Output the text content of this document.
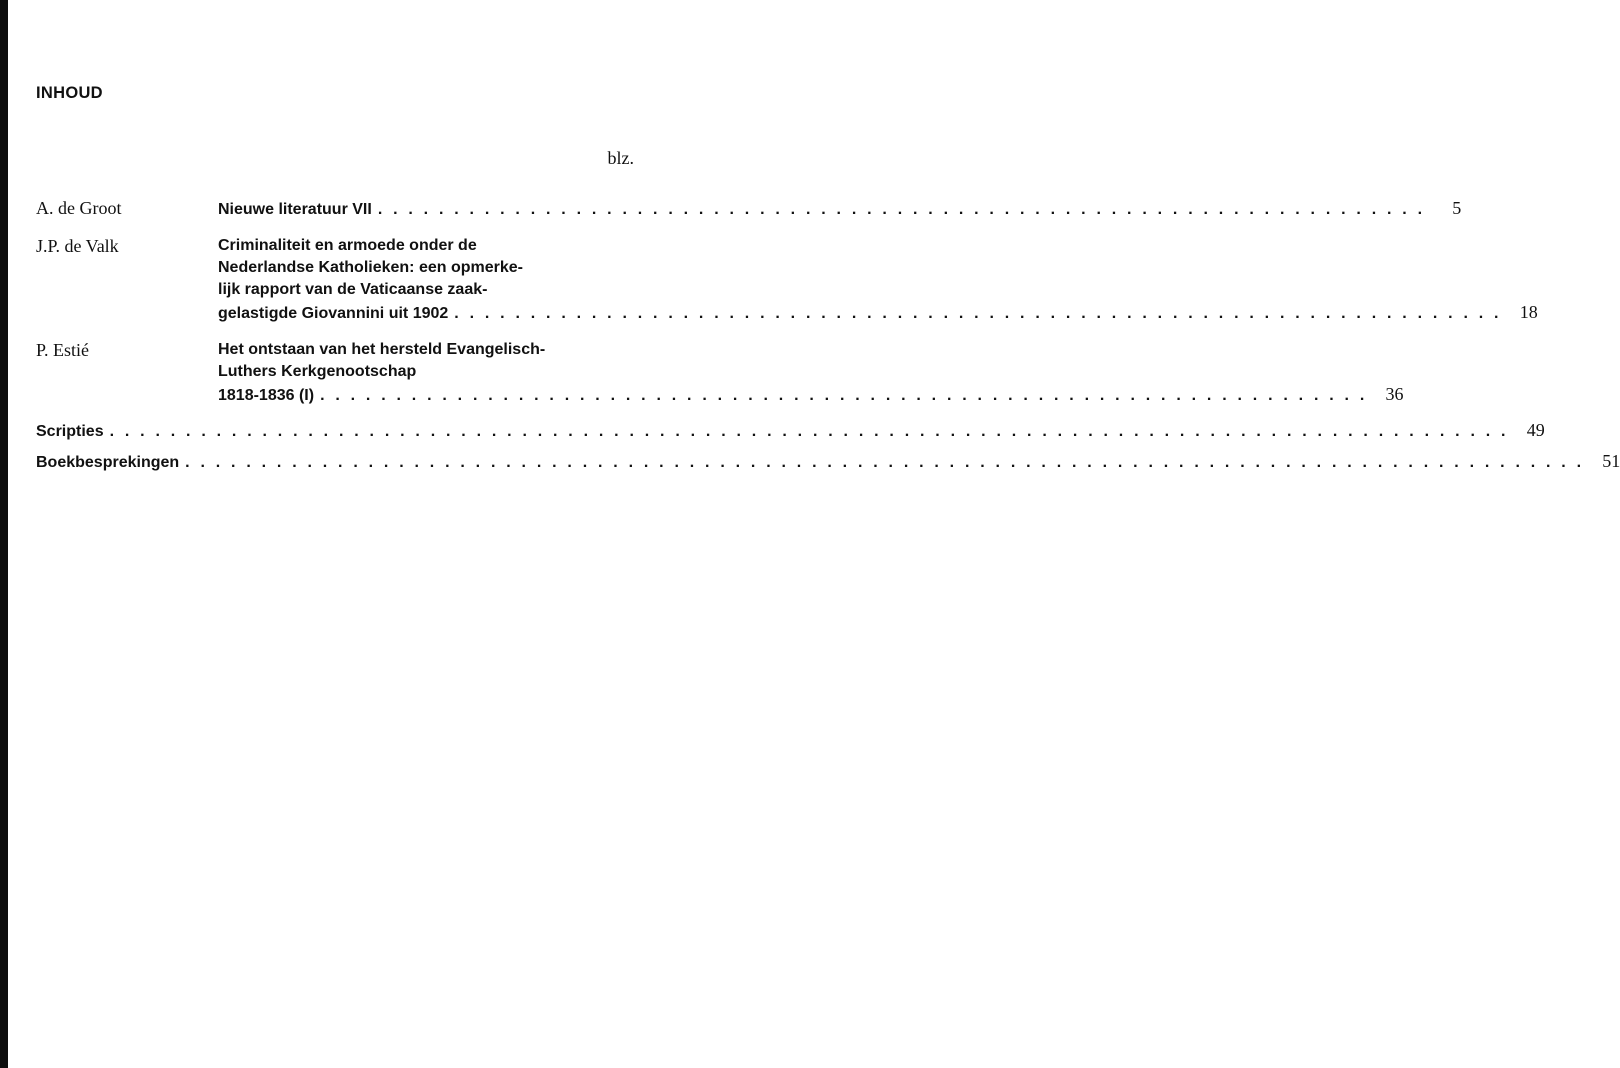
INHOUD
blz.
A. de Groot	Nieuwe literatuur VII . . . . . . . . . . . . . . . . . . . . . . . . . . . . . . . . . . . . . . . . . . . . . . . . . . . . . . . . . . . . . . . . . . . . .	5
J.P. de Valk	Criminaliteit en armoede onder de
Nederlandse Katholieken: een opmerke-
lijk rapport van de Vaticaanse zaak-
gelastigde Giovannini uit 1902 . . . . . . . . . . . . . . . . . . . . . . . . . . . . . . . . . . . . . . . . . . . . . . . . . . . . . . . . . . . . . . . . . . . . .	18
P. Estié	Het ontstaan van het hersteld Evangelisch-
Luthers Kerkgenootschap
1818-1836 (I) . . . . . . . . . . . . . . . . . . . . . . . . . . . . . . . . . . . . . . . . . . . . . . . . . . . . . . . . . . . . . . . . . . . . .	36
Scripties . . . . . . . . . . . . . . . . . . . . . . . . . . . . . . . . . . . . . . . . . . . . . . . . . . . . . . . . . . . . . . . . . . . . . . . . . . . . . . . . . . . . . . . . . . . .	49
Boekbesprekingen . . . . . . . . . . . . . . . . . . . . . . . . . . . . . . . . . . . . . . . . . . . . . . . . . . . . . . . . . . . . . . . . . . . . . . . . . . . . . . . . . . . . . . . . . . . .	51
